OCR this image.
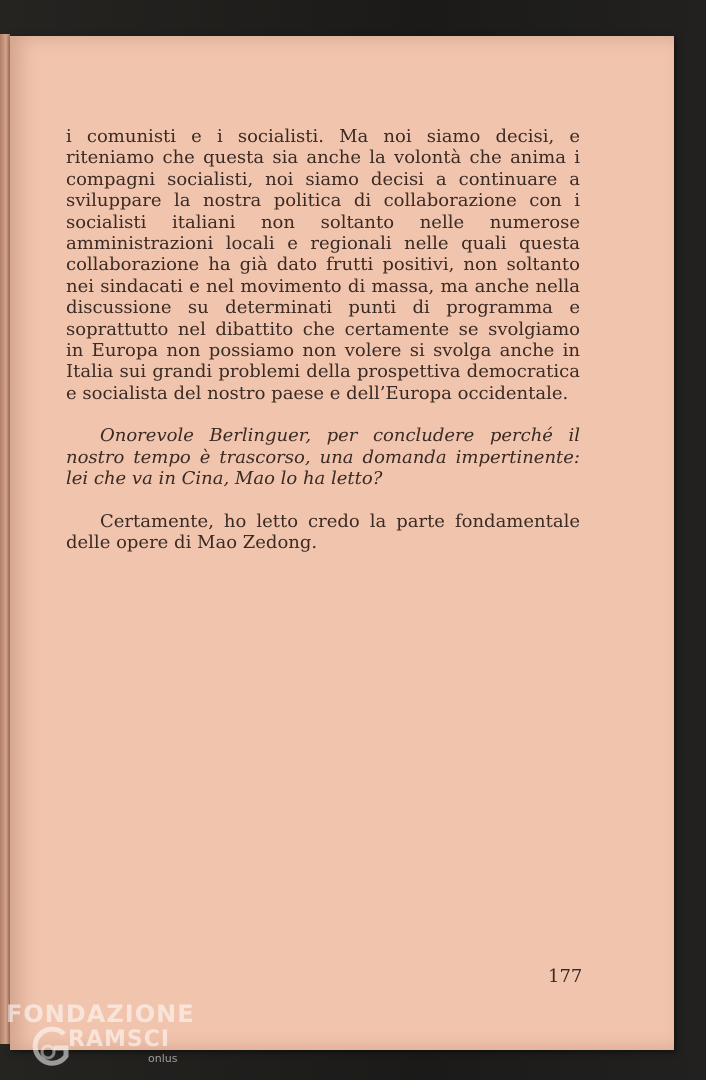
i comunisti e i socialisti. Ma noi siamo decisi, e riteniamo che questa sia anche la volontà che anima i compagni socialisti, noi siamo decisi a continuare a sviluppare la nostra politica di collaborazione con i socialisti italiani non soltanto nelle numerose amministrazioni locali e regionali nelle quali questa collaborazione ha già dato frutti positivi, non soltanto nei sindacati e nel movimento di massa, ma anche nella discussione su determinati punti di programma e soprattutto nel dibattito che certamente se svolgiamo in Europa non possiamo non volere si svolga anche in Italia sui grandi problemi della prospettiva democratica e socialista del nostro paese e dell’Europa occidentale.

Onorevole Berlinguer, per concludere perché il nostro tempo è trascorso, una domanda impertinente: lei che va in Cina, Mao lo ha letto?

Certamente, ho letto credo la parte fondamentale delle opere di Mao Zedong.

177
FONDAZIONE
RAMSCI
onlus
